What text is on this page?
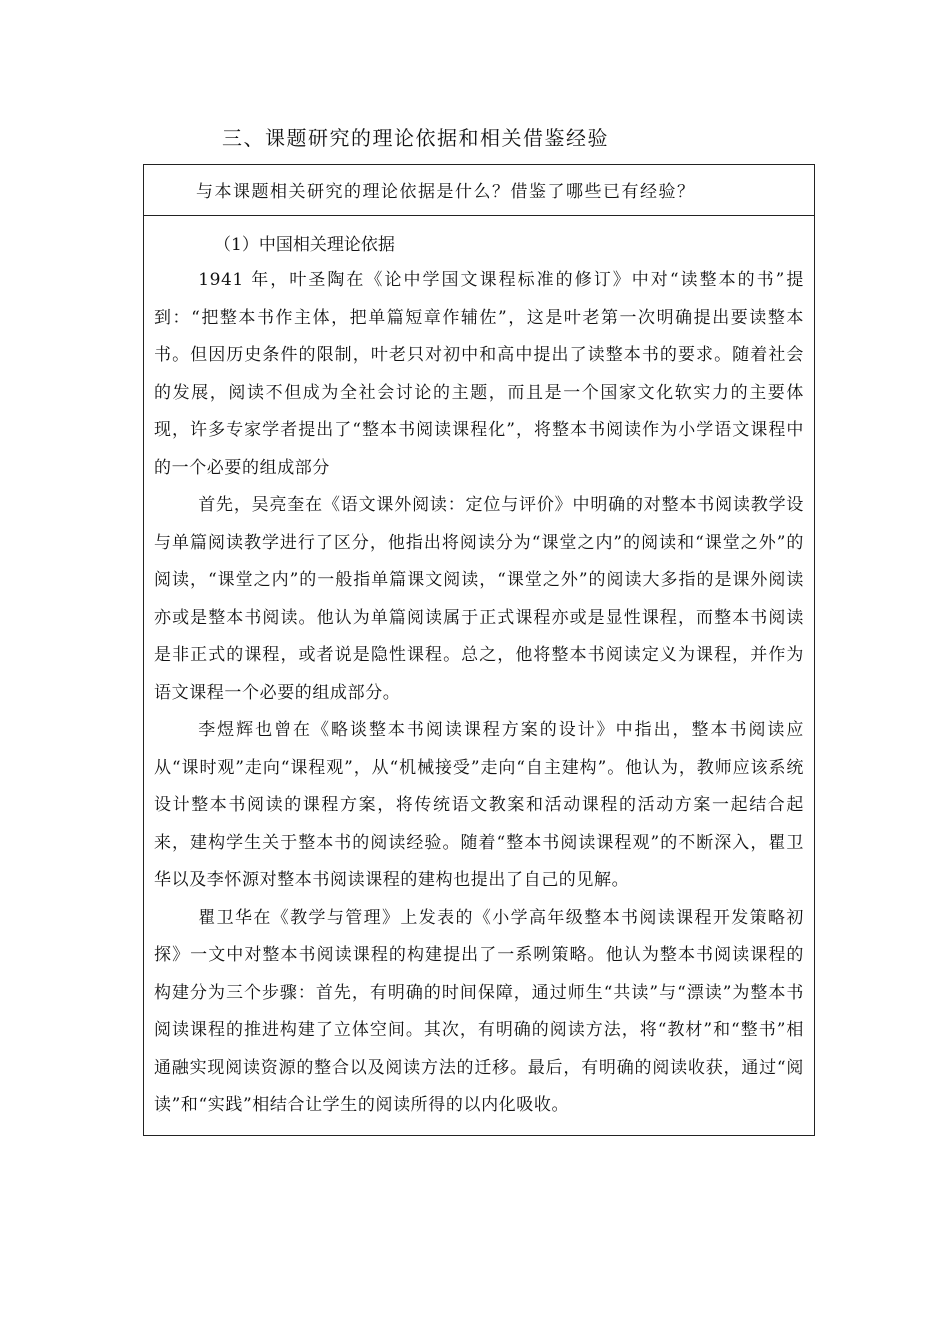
三、课题研究的理论依据和相关借鉴经验
与本课题相关研究的理论依据是什么？借鉴了哪些已有经验？

（1）中国相关理论依据

1941 年，叶圣陶在《论中学国文课程标准的修订》中对“读整本的书”提到：“把整本书作主体，把单篇短章作辅佐”，这是叶老第一次明确提出要读整本书。但因历史条件的限制，叶老只对初中和高中提出了读整本书的要求。随着社会的发展，阅读不但成为全社会讨论的主题，而且是一个国家文化软实力的主要体现，许多专家学者提出了“整本书阅读课程化”，将整本书阅读作为小学语文课程中的一个必要的组成部分

首先，吴亮奎在《语文课外阅读：定位与评价》中明确的对整本书阅读教学设与单篇阅读教学进行了区分，他指出将阅读分为“课堂之内”的阅读和“课堂之外”的阅读，“课堂之内”的一般指单篇课文阅读，“课堂之外”的阅读大多指的是课外阅读亦或是整本书阅读。他认为单篇阅读属于正式课程亦或是显性课程，而整本书阅读是非正式的课程，或者说是隐性课程。总之，他将整本书阅读定义为课程，并作为语文课程一个必要的组成部分。

李煜辉也曾在《略谈整本书阅读课程方案的设计》中指出，整本书阅读应从“课时观”走向“课程观”，从“机械接受”走向“自主建构”。他认为，教师应该系统设计整本书阅读的课程方案，将传统语文教案和活动课程的活动方案一起结合起来，建构学生关于整本书的阅读经验。随着“整本书阅读课程观”的不断深入，瞿卫华以及李怀源对整本书阅读课程的建构也提出了自己的见解。

瞿卫华在《教学与管理》上发表的《小学高年级整本书阅读课程开发策略初探》一文中对整本书阅读课程的构建提出了一系咧策略。他认为整本书阅读课程的构建分为三个步骤：首先，有明确的时间保障，通过师生“共读”与“漂读”为整本书阅读课程的推进构建了立体空间。其次，有明确的阅读方法，将“教材”和“整书”相通融实现阅读资源的整合以及阅读方法的迁移。最后，有明确的阅读收获，通过“阅读”和“实践”相结合让学生的阅读所得的以内化吸收。
